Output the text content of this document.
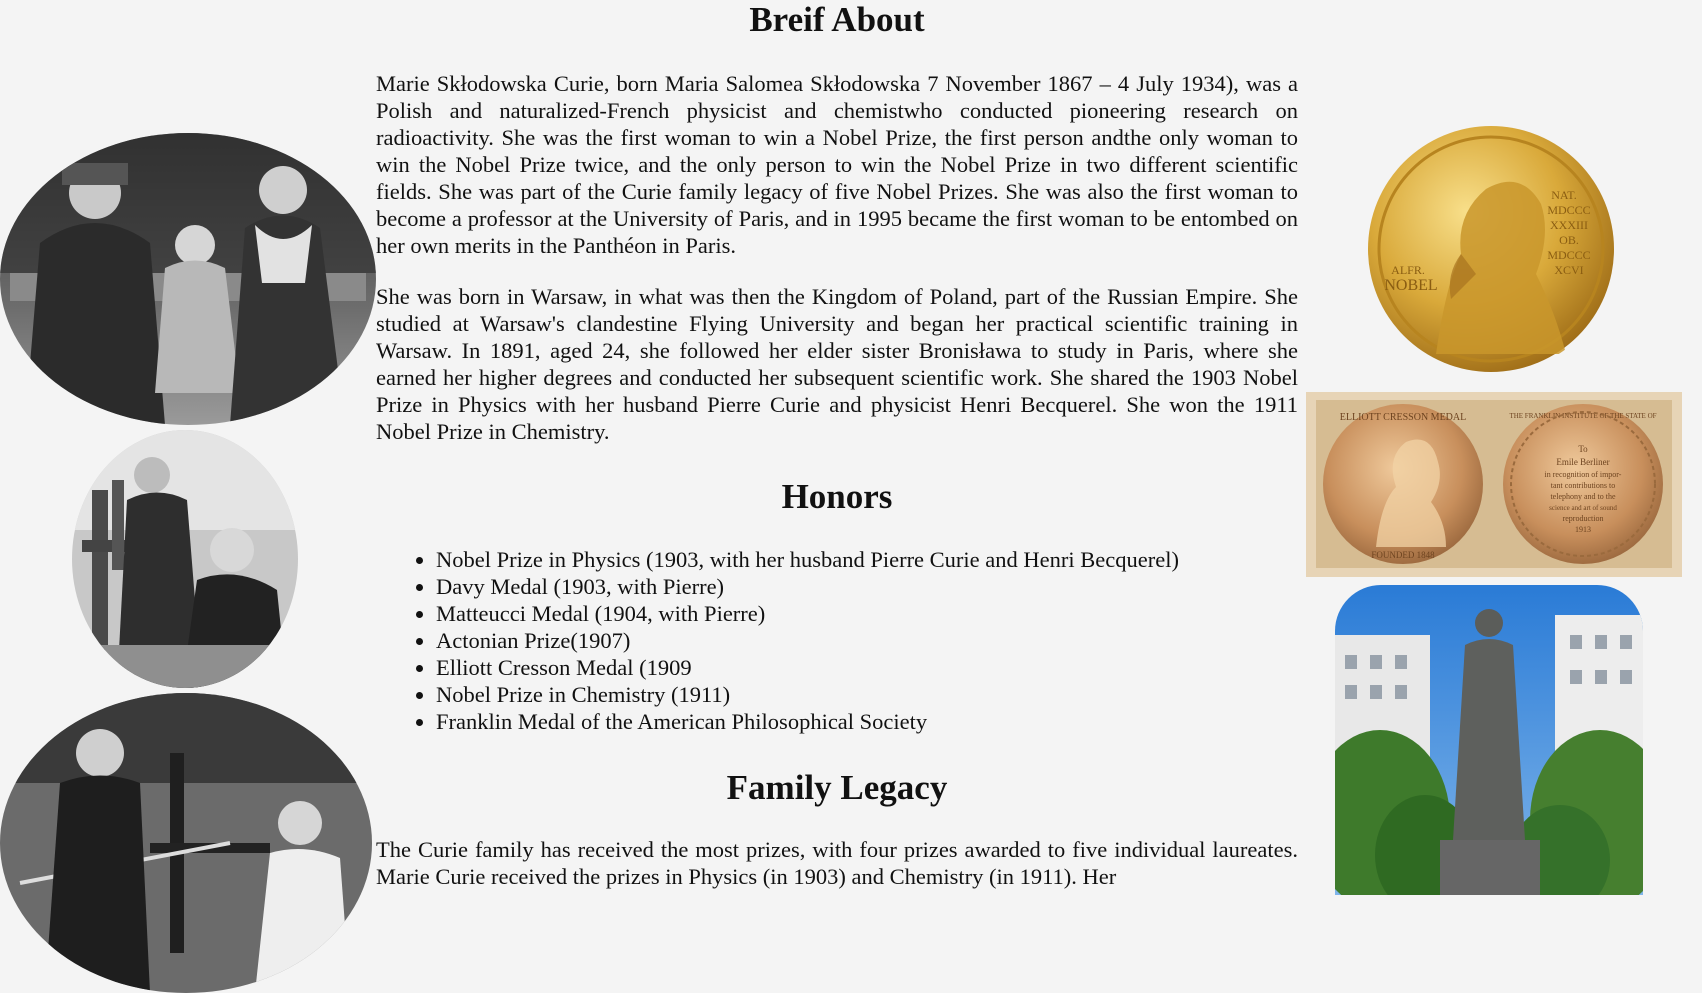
Breif About

Marie Skłodowska Curie, born Maria Salomea Skłodowska 7 November 1867 – 4 July 1934), was a Polish and naturalized-French physicist and chemistwho conducted pioneering research on radioactivity. She was the first woman to win a Nobel Prize, the first person andthe only woman to win the Nobel Prize twice, and the only person to win the Nobel Prize in two different scientific fields. She was part of the Curie family legacy of five Nobel Prizes. She was also the first woman to become a professor at the University of Paris, and in 1995 became the first woman to be entombed on her own merits in the Panthéon in Paris.

She was born in Warsaw, in what was then the Kingdom of Poland, part of the Russian Empire. She studied at Warsaw's clandestine Flying University and began her practical scientific training in Warsaw. In 1891, aged 24, she followed her elder sister Bronisława to study in Paris, where she earned her higher degrees and conducted her subsequent scientific work. She shared the 1903 Nobel Prize in Physics with her husband Pierre Curie and physicist Henri Becquerel. She won the 1911 Nobel Prize in Chemistry.

Honors
• Nobel Prize in Physics (1903, with her husband Pierre Curie and Henri Becquerel)
• Davy Medal (1903, with Pierre)
• Matteucci Medal (1904, with Pierre)
• Actonian Prize(1907)
• Elliott Cresson Medal (1909
• Nobel Prize in Chemistry (1911)
• Franklin Medal of the American Philosophical Society
Family Legacy

The Curie family has received the most prizes, with four prizes awarded to five individual laureates. Marie Curie received the prizes in Physics (in 1903) and Chemistry (in 1911). Her

NAT.
MDCCC
XXXIII
OB.
MDCCC
XCVI
ALFR.
NOBEL
ELLIOTT CRESSON MEDAL
FOUNDED 1848
THE FRANKLIN INSTITUTE OF THE STATE OF
To
Emile Berliner
in recognition of impor-
tant contributions to
telephony and to the
science and art of sound
reproduction
1913
